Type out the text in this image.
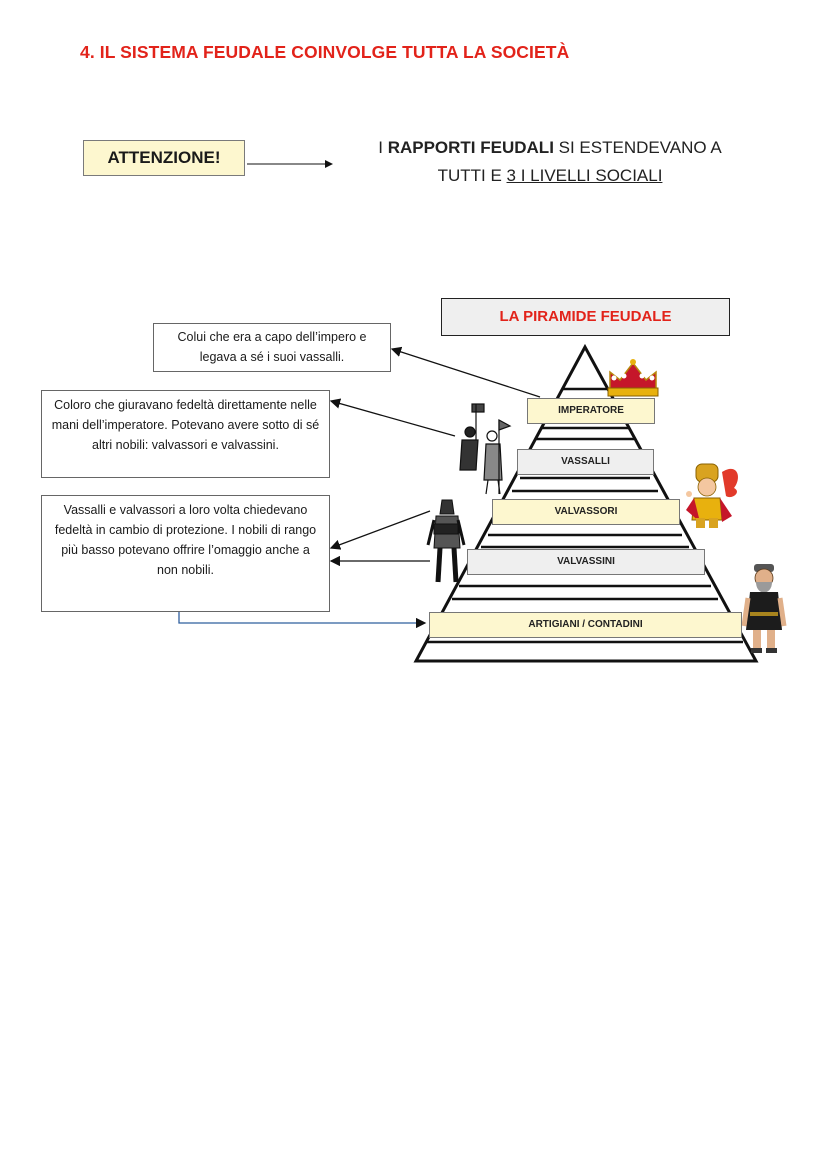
4. IL SISTEMA FEUDALE COINVOLGE TUTTA LA SOCIETÀ
ATTENZIONE!
I RAPPORTI FEUDALI SI ESTENDEVANO A
TUTTI E 3 I LIVELLI SOCIALI
LA PIRAMIDE FEUDALE
IMPERATORE
VASSALLI
VALVASSORI
VALVASSINI
ARTIGIANI / CONTADINI
Colui che era a capo dell’impero e legava a sé i suoi vassalli.
Coloro che giuravano fedeltà direttamente nelle mani dell’imperatore. Potevano avere sotto di sé altri nobili: valvassori e valvassini.
Vassalli e valvassori a loro volta chiedevano fedeltà in cambio di protezione. I nobili di rango più basso potevano offrire l’omaggio anche a non nobili.
